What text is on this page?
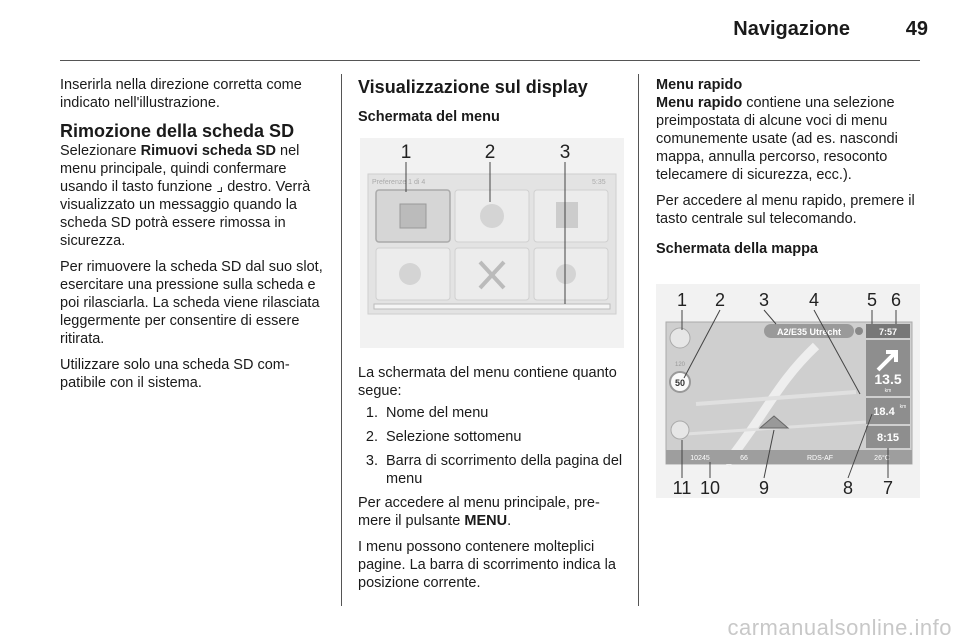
Navigazione	49

Inserirla nella direzione corretta come indicato nell'illustrazione.

Rimozione della scheda SD

Selezionare Rimuovi scheda SD nel menu principale, quindi confermare usando il tasto funzione ⌟ destro. Verrà visualizzato un messaggio quando la scheda SD potrà essere rimossa in sicurezza.

Per rimuovere la scheda SD dal suo slot, esercitare una pressione sulla scheda e poi rilasciarla. La scheda viene rilasciata leggermente per consentire di essere ritirata.

Utilizzare solo una scheda SD compatibile con il sistema.

Visualizzazione sul display
Schermata del menu
Preferenze 1 di 4	5:35
1	2	3

La schermata del menu contiene quanto segue:

1. Nome del menu
2. Selezione sottomenu
3. Barra di scorrimento della pagina del menu

Per accedere al menu principale, premere il pulsante MENU.

I menu possono contenere molteplici pagine. La barra di scorrimento indica la posizione corrente.

Menu rapido

Menu rapido contiene una selezione preimpostata di alcune voci di menu comunemente usate (ad es. nascondi mappa, annulla percorso, resoconto telecamere di sicurezza, ecc.).

Per accedere al menu rapido, premere il tasto centrale sul telecomando.

Schermata della mappa
A2/E35 Utrecht	7:57
13.5
km
18.4 km
8:15
120
50
10245	66	RDS-AF	26°C
1 2 3 4	5 6
11 10 9	8 7
carmanualsonline.info
